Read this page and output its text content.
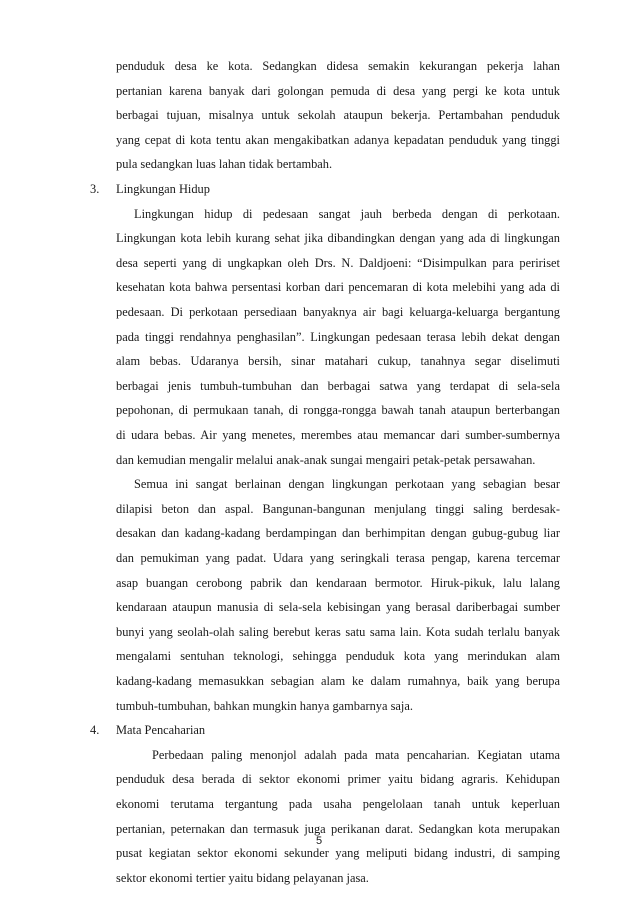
penduduk desa ke kota. Sedangkan didesa semakin kekurangan pekerja lahan
pertanian karena banyak dari golongan pemuda di desa yang pergi ke kota untuk
berbagai tujuan, misalnya untuk sekolah ataupun bekerja. Pertambahan penduduk
yang cepat di kota tentu akan mengakibatkan adanya kepadatan penduduk yang tinggi
pula sedangkan luas lahan tidak bertambah.
3. Lingkungan Hidup
Lingkungan hidup di pedesaan sangat jauh berbeda dengan di perkotaan.
Lingkungan kota lebih kurang sehat jika dibandingkan dengan yang ada di lingkungan
desa seperti yang di ungkapkan oleh Drs. N. Daldjoeni: “Disimpulkan para peririset
kesehatan kota bahwa persentasi korban dari pencemaran di kota melebihi yang ada di
pedesaan. Di perkotaan persediaan banyaknya air bagi keluarga-keluarga bergantung
pada tinggi rendahnya penghasilan”. Lingkungan pedesaan terasa lebih dekat dengan
alam bebas. Udaranya bersih, sinar matahari cukup, tanahnya segar diselimuti
berbagai jenis tumbuh-tumbuhan dan berbagai satwa yang terdapat di sela-sela
pepohonan, di permukaan tanah, di rongga-rongga bawah tanah ataupun berterbangan
di udara bebas. Air yang menetes, merembes atau memancar dari sumber-sumbernya
dan kemudian mengalir melalui anak-anak sungai mengairi petak-petak persawahan.
Semua ini sangat berlainan dengan lingkungan perkotaan yang sebagian besar
dilapisi beton dan aspal. Bangunan-bangunan menjulang tinggi saling berdesak-
desakan dan kadang-kadang berdampingan dan berhimpitan dengan gubug-gubug liar
dan pemukiman yang padat. Udara yang seringkali terasa pengap, karena tercemar
asap buangan cerobong pabrik dan kendaraan bermotor. Hiruk-pikuk, lalu lalang
kendaraan ataupun manusia di sela-sela kebisingan yang berasal dariberbagai sumber
bunyi yang seolah-olah saling berebut keras satu sama lain. Kota sudah terlalu banyak
mengalami sentuhan teknologi, sehingga penduduk kota yang merindukan alam
kadang-kadang memasukkan sebagian alam ke dalam rumahnya, baik yang berupa
tumbuh-tumbuhan, bahkan mungkin hanya gambarnya saja.
4. Mata Pencaharian
Perbedaan paling menonjol adalah pada mata pencaharian. Kegiatan utama
penduduk desa berada di sektor ekonomi primer yaitu bidang agraris. Kehidupan
ekonomi terutama tergantung pada usaha pengelolaan tanah untuk keperluan
pertanian, peternakan dan termasuk juga perikanan darat. Sedangkan kota merupakan
pusat kegiatan sektor ekonomi sekunder yang meliputi bidang industri, di samping
sektor ekonomi tertier yaitu bidang pelayanan jasa.
5
